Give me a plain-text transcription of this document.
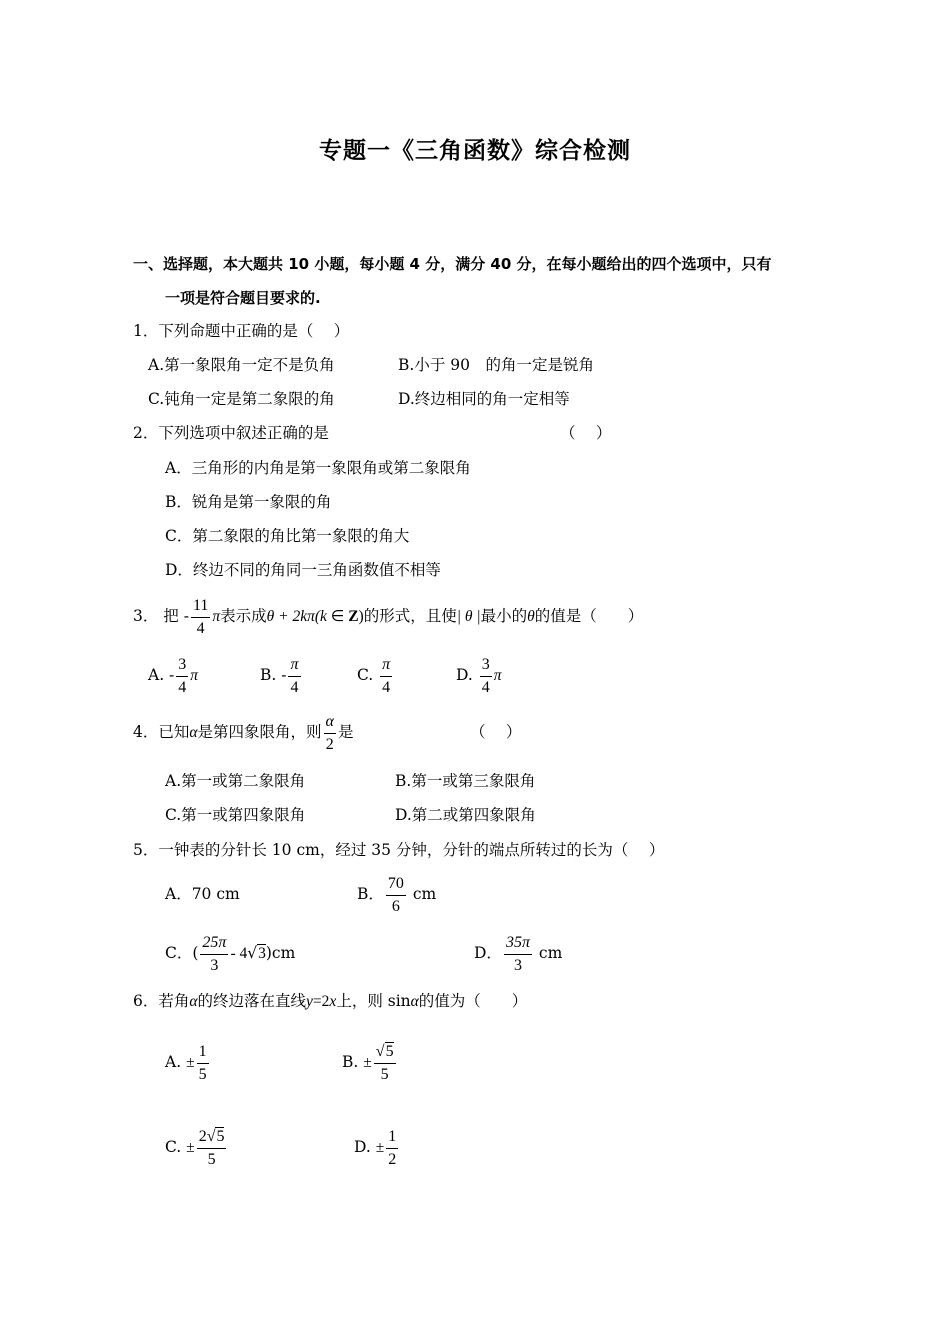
专题一《三角函数》综合检测
一、选择题，本大题共 10 小题，每小题 4 分，满分 40 分，在每小题给出的四个选项中，只有
一项是符合题目要求的.
1．下列命题中正确的是（　 ）
A.第一象限角一定不是负角	B.小于 90　的角一定是锐角
C.钝角一定是第二象限的角	D.终边相同的角一定相等
2．下列选项中叙述正确的是	（　 ）
A．三角形的内角是第一象限角或第二象限角
B．锐角是第一象限的角
C．第二象限的角比第一象限的角大
D．终边不同的角同一三角函数值不相等
3． 把 - $\frac{11}{4}$ π表示成θ + 2kπ(k ∈ Z)的形式，且使| θ |最小的θ的值是（　　）
A. - $\frac{3}{4}$ π	B. - $\frac{\pi}{4}$	C. $\frac{\pi}{4}$	D. $\frac{3}{4}$ π
4．已知α是第四象限角，则 $\frac{\alpha}{2}$ 是	（　 ）
A.第一或第二象限角	B.第一或第三象限角
C.第一或第四象限角	D.第二或第四象限角
5．一钟表的分针长 10 cm，经过 35 分钟，分针的端点所转过的长为（　 ）
A．70 cm	B． $\frac{70}{6}$ cm
C．( $\frac{25\pi}{3} - 4√3)cm$	D． $\frac{35\pi}{3}$ cm
6．若角α的终边落在直线y=2x上，则 sinα的值为（　　）
A. ± $\frac{1}{5}$	B. ± $\frac{√5}{5}$
C. ± $\frac{2√5}{5}$	D. ± $\frac{1}{2}$
